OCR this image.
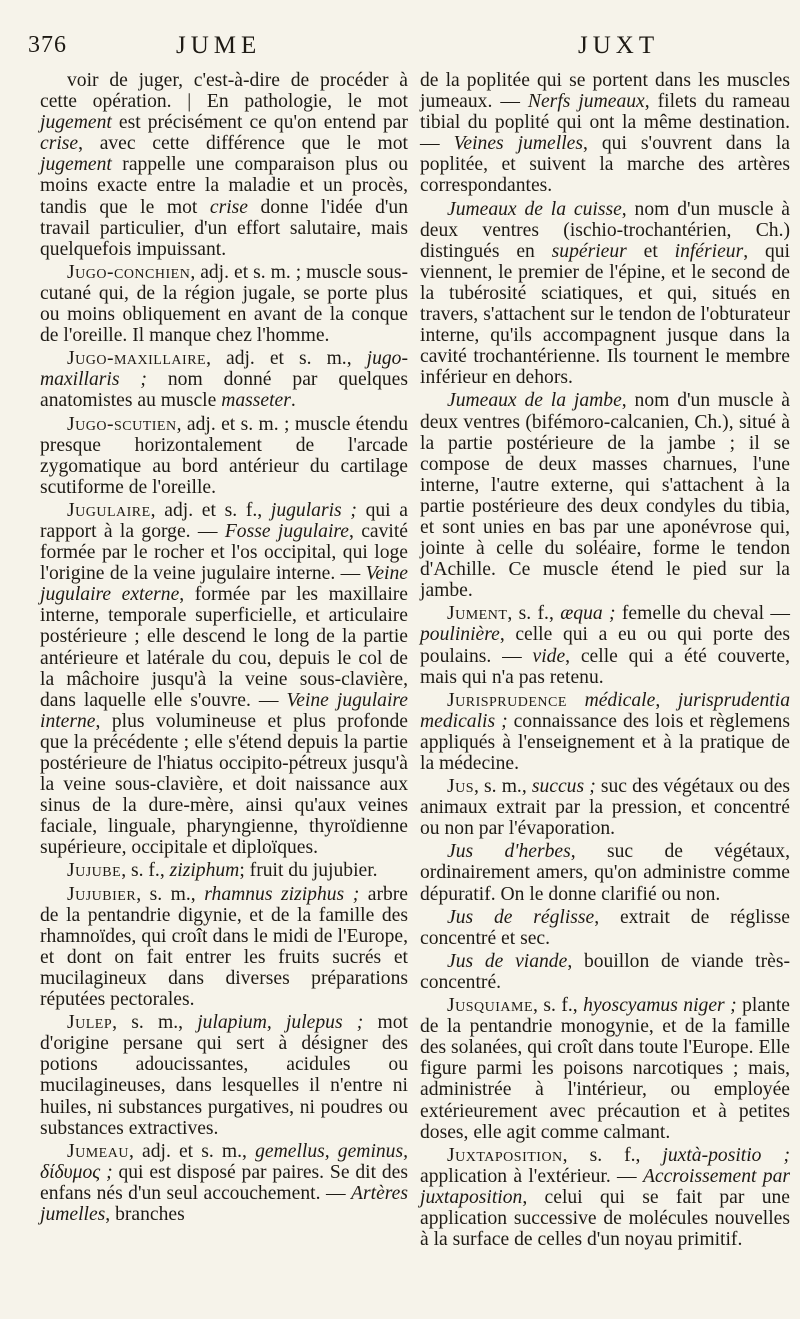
376	JUME	JUXT

voir de juger, c'est-à-dire de procéder à cette opération. | En pathologie, le mot jugement est précisément ce qu'on entend par crise, avec cette différence que le mot jugement rappelle une comparaison plus ou moins exacte entre la maladie et un procès, tandis que le mot crise donne l'idée d'un travail particulier, d'un effort salutaire, mais quelquefois impuissant.

Jugo-conchien, adj. et s. m. ; muscle sous-cutané qui, de la région jugale, se porte plus ou moins obliquement en avant de la conque de l'oreille. Il manque chez l'homme.

Jugo-maxillaire, adj. et s. m., jugo-maxillaris ; nom donné par quelques anatomistes au muscle masseter.

Jugo-scutien, adj. et s. m. ; muscle étendu presque horizontalement de l'arcade zygomatique au bord antérieur du cartilage scutiforme de l'oreille.

Jugulaire, adj. et s. f., jugularis ; qui a rapport à la gorge. — Fosse jugulaire, cavité formée par le rocher et l'os occipital, qui loge l'origine de la veine jugulaire interne. — Veine jugulaire externe, formée par les maxillaire interne, temporale superficielle, et articulaire postérieure ; elle descend le long de la partie antérieure et latérale du cou, depuis le col de la mâchoire jusqu'à la veine sous-clavière, dans laquelle elle s'ouvre. — Veine jugulaire interne, plus volumineuse et plus profonde que la précédente ; elle s'étend depuis la partie postérieure de l'hiatus occipito-pétreux jusqu'à la veine sous-clavière, et doit naissance aux sinus de la dure-mère, ainsi qu'aux veines faciale, linguale, pharyngienne, thyroïdienne supérieure, occipitale et diploïques.

Jujube, s. f., ziziphum; fruit du jujubier.

Jujubier, s. m., rhamnus ziziphus ; arbre de la pentandrie digynie, et de la famille des rhamnoïdes, qui croît dans le midi de l'Europe, et dont on fait entrer les fruits sucrés et mucilagineux dans diverses préparations réputées pectorales.

Julep, s. m., julapium, julepus ; mot d'origine persane qui sert à désigner des potions adoucissantes, acidules ou mucilagineuses, dans lesquelles il n'entre ni huiles, ni substances purgatives, ni poudres ou substances extractives.

Jumeau, adj. et s. m., gemellus, geminus, δίδυμος ; qui est disposé par paires. Se dit des enfans nés d'un seul accouchement. — Artères jumelles, branches

de la poplitée qui se portent dans les muscles jumeaux. — Nerfs jumeaux, filets du rameau tibial du poplité qui ont la même destination. — Veines jumelles, qui s'ouvrent dans la poplitée, et suivent la marche des artères correspondantes.

Jumeaux de la cuisse, nom d'un muscle à deux ventres (ischio-trochantérien, Ch.) distingués en supérieur et inférieur, qui viennent, le premier de l'épine, et le second de la tubérosité sciatiques, et qui, situés en travers, s'attachent sur le tendon de l'obturateur interne, qu'ils accompagnent jusque dans la cavité trochantérienne. Ils tournent le membre inférieur en dehors.

Jumeaux de la jambe, nom d'un muscle à deux ventres (bifémoro-calcanien, Ch.), situé à la partie postérieure de la jambe ; il se compose de deux masses charnues, l'une interne, l'autre externe, qui s'attachent à la partie postérieure des deux condyles du tibia, et sont unies en bas par une aponévrose qui, jointe à celle du soléaire, forme le tendon d'Achille. Ce muscle étend le pied sur la jambe.

Jument, s. f., æqua ; femelle du cheval — poulinière, celle qui a eu ou qui porte des poulains. — vide, celle qui a été couverte, mais qui n'a pas retenu.

Jurisprudence médicale, jurisprudentia medicalis ; connaissance des lois et règlemens appliqués à l'enseignement et à la pratique de la médecine.

Jus, s. m., succus ; suc des végétaux ou des animaux extrait par la pression, et concentré ou non par l'évaporation.

Jus d'herbes, suc de végétaux, ordinairement amers, qu'on administre comme dépuratif. On le donne clarifié ou non.

Jus de réglisse, extrait de réglisse concentré et sec.

Jus de viande, bouillon de viande très-concentré.

Jusquiame, s. f., hyoscyamus niger ; plante de la pentandrie monogynie, et de la famille des solanées, qui croît dans toute l'Europe. Elle figure parmi les poisons narcotiques ; mais, administrée à l'intérieur, ou employée extérieurement avec précaution et à petites doses, elle agit comme calmant.

Juxtaposition, s. f., juxtà-positio ; application à l'extérieur. — Accroissement par juxtaposition, celui qui se fait par une application successive de molécules nouvelles à la surface de celles d'un noyau primitif.
